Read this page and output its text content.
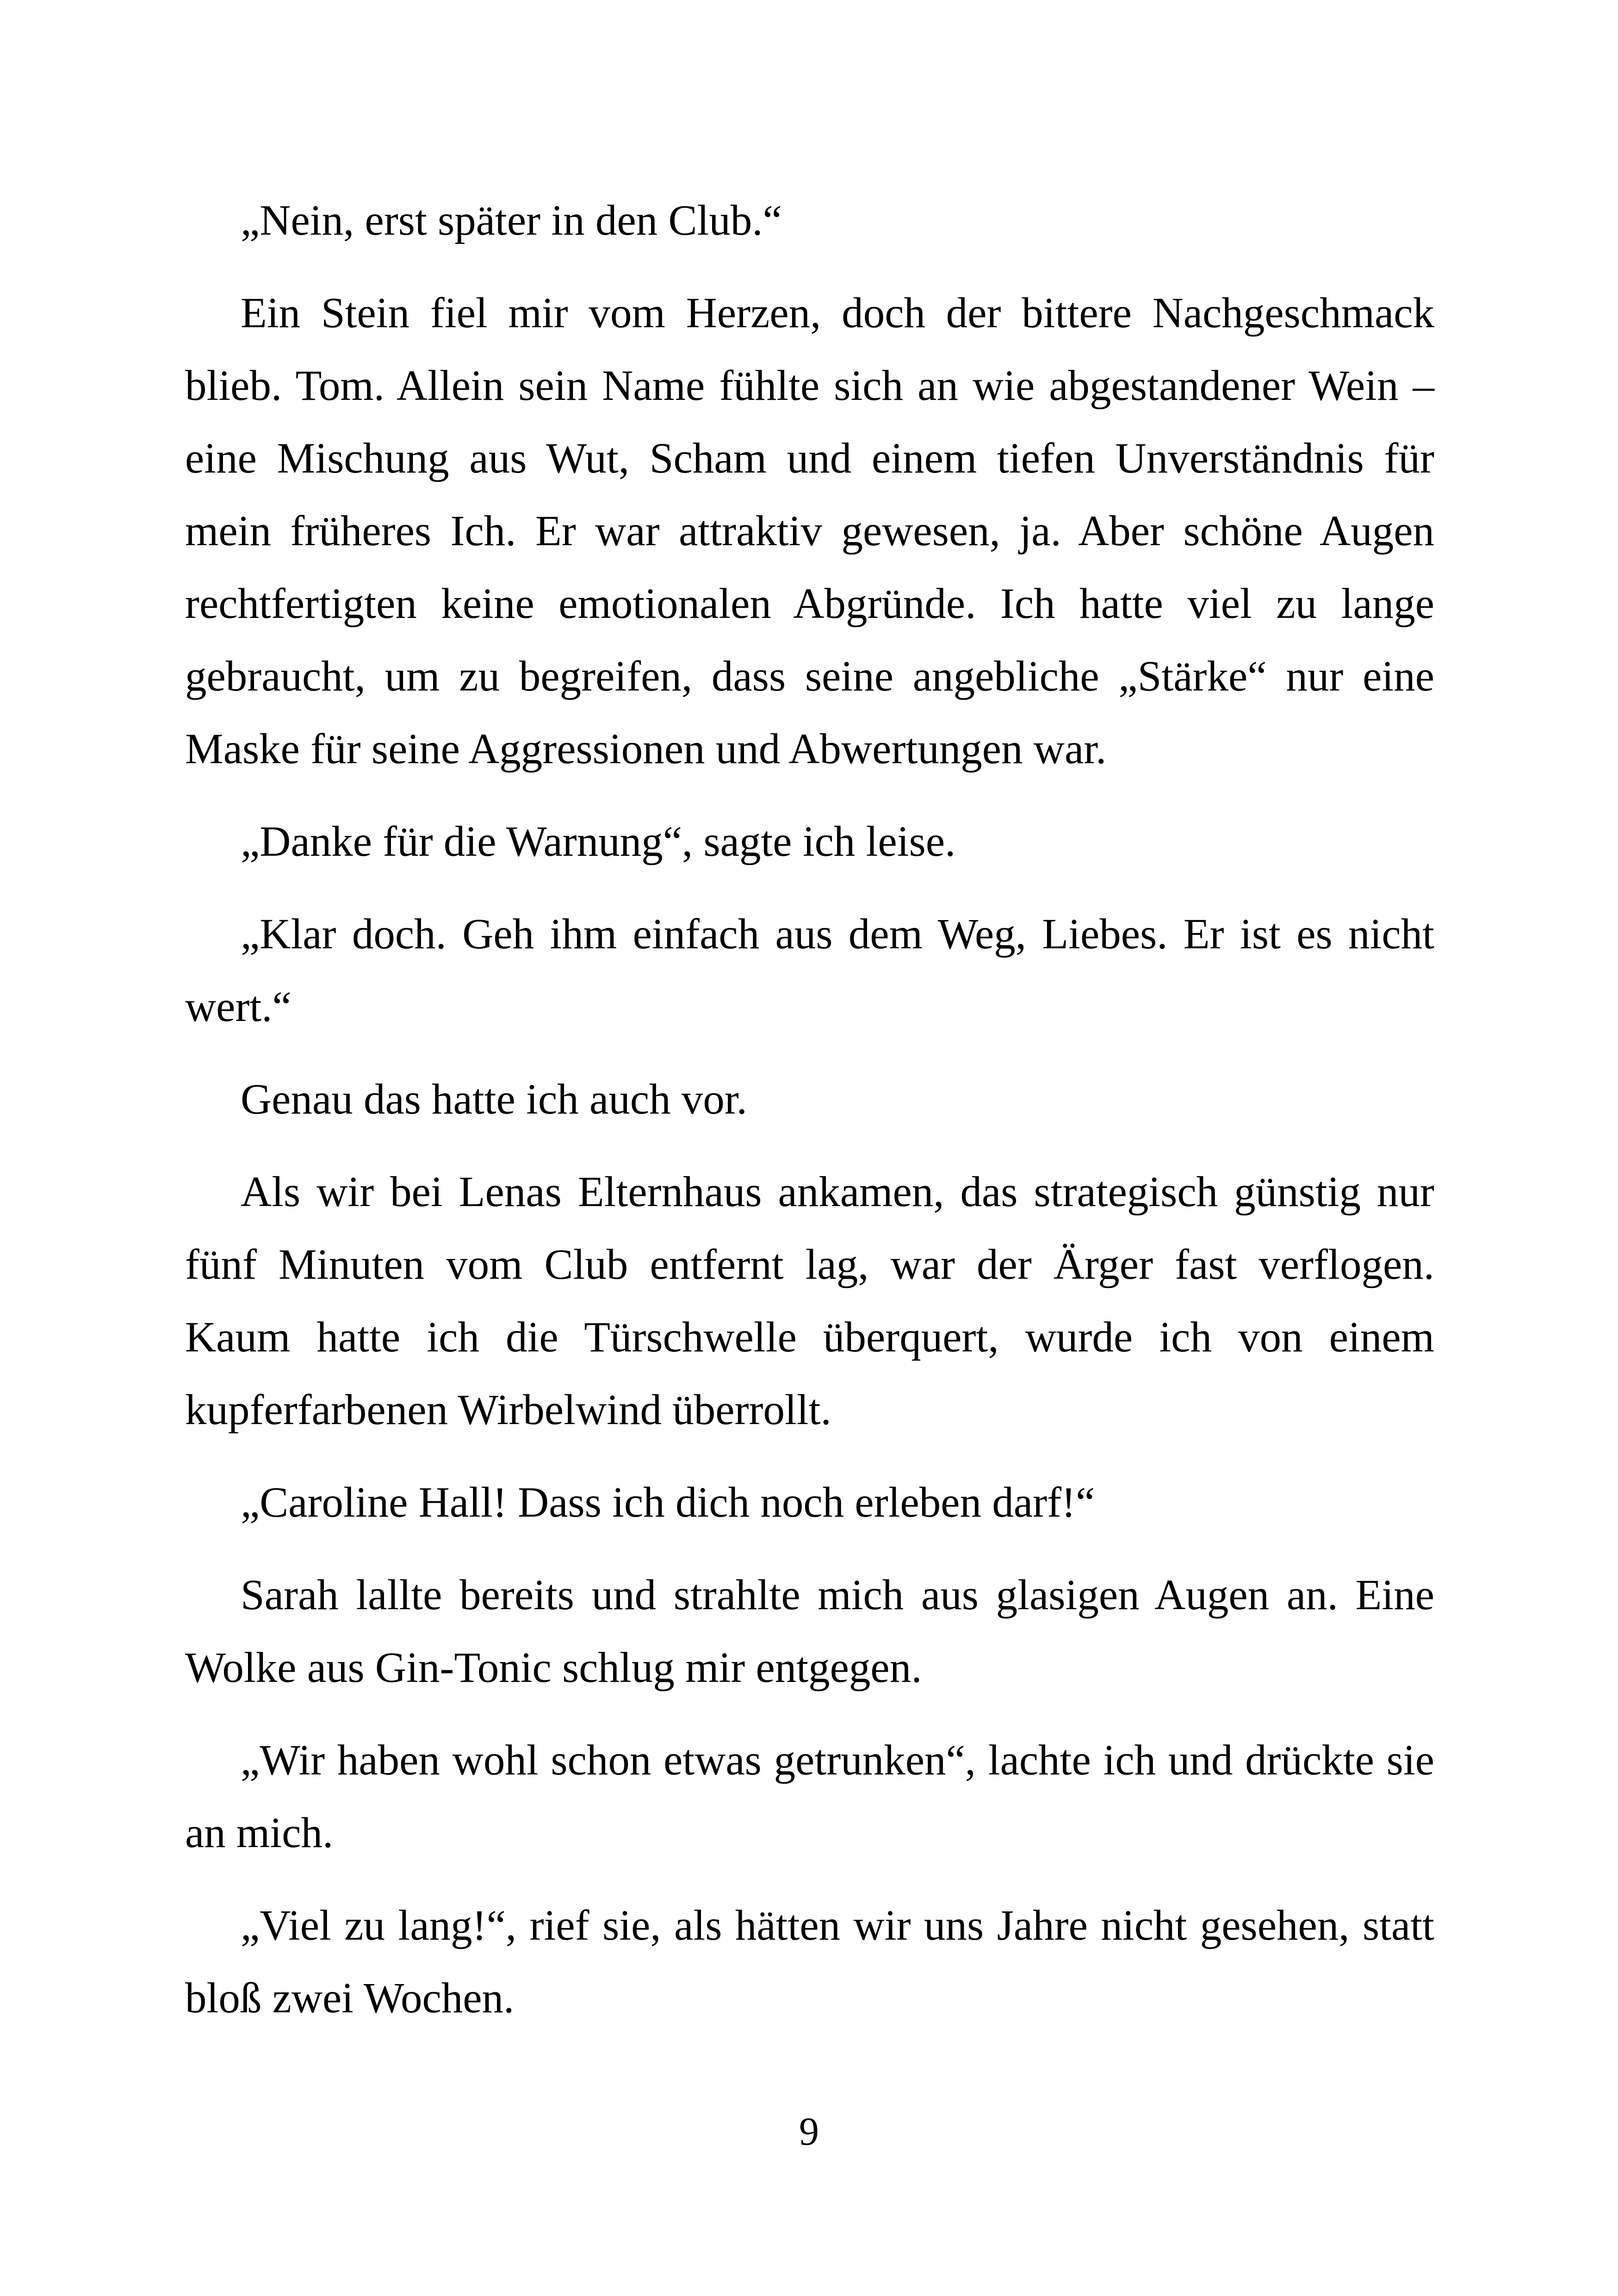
„Nein, erst später in den Club.“

Ein Stein fiel mir vom Herzen, doch der bittere Nachgeschmack blieb. Tom. Allein sein Name fühlte sich an wie abgestandener Wein – eine Mischung aus Wut, Scham und einem tiefen Unverständnis für mein früheres Ich. Er war attraktiv gewesen, ja. Aber schöne Augen rechtfertigten keine emotionalen Abgründe. Ich hatte viel zu lange gebraucht, um zu begreifen, dass seine angebliche „Stärke“ nur eine Maske für seine Aggressionen und Abwertungen war.

„Danke für die Warnung“, sagte ich leise.

„Klar doch. Geh ihm einfach aus dem Weg, Liebes. Er ist es nicht wert.“

Genau das hatte ich auch vor.

Als wir bei Lenas Elternhaus ankamen, das strategisch günstig nur fünf Minuten vom Club entfernt lag, war der Ärger fast verflogen. Kaum hatte ich die Türschwelle überquert, wurde ich von einem kupferfarbenen Wirbelwind überrollt.

„Caroline Hall! Dass ich dich noch erleben darf!“

Sarah lallte bereits und strahlte mich aus glasigen Augen an. Eine Wolke aus Gin-Tonic schlug mir entgegen.

„Wir haben wohl schon etwas getrunken“, lachte ich und drückte sie an mich.

„Viel zu lang!“, rief sie, als hätten wir uns Jahre nicht gesehen, statt bloß zwei Wochen.

9
